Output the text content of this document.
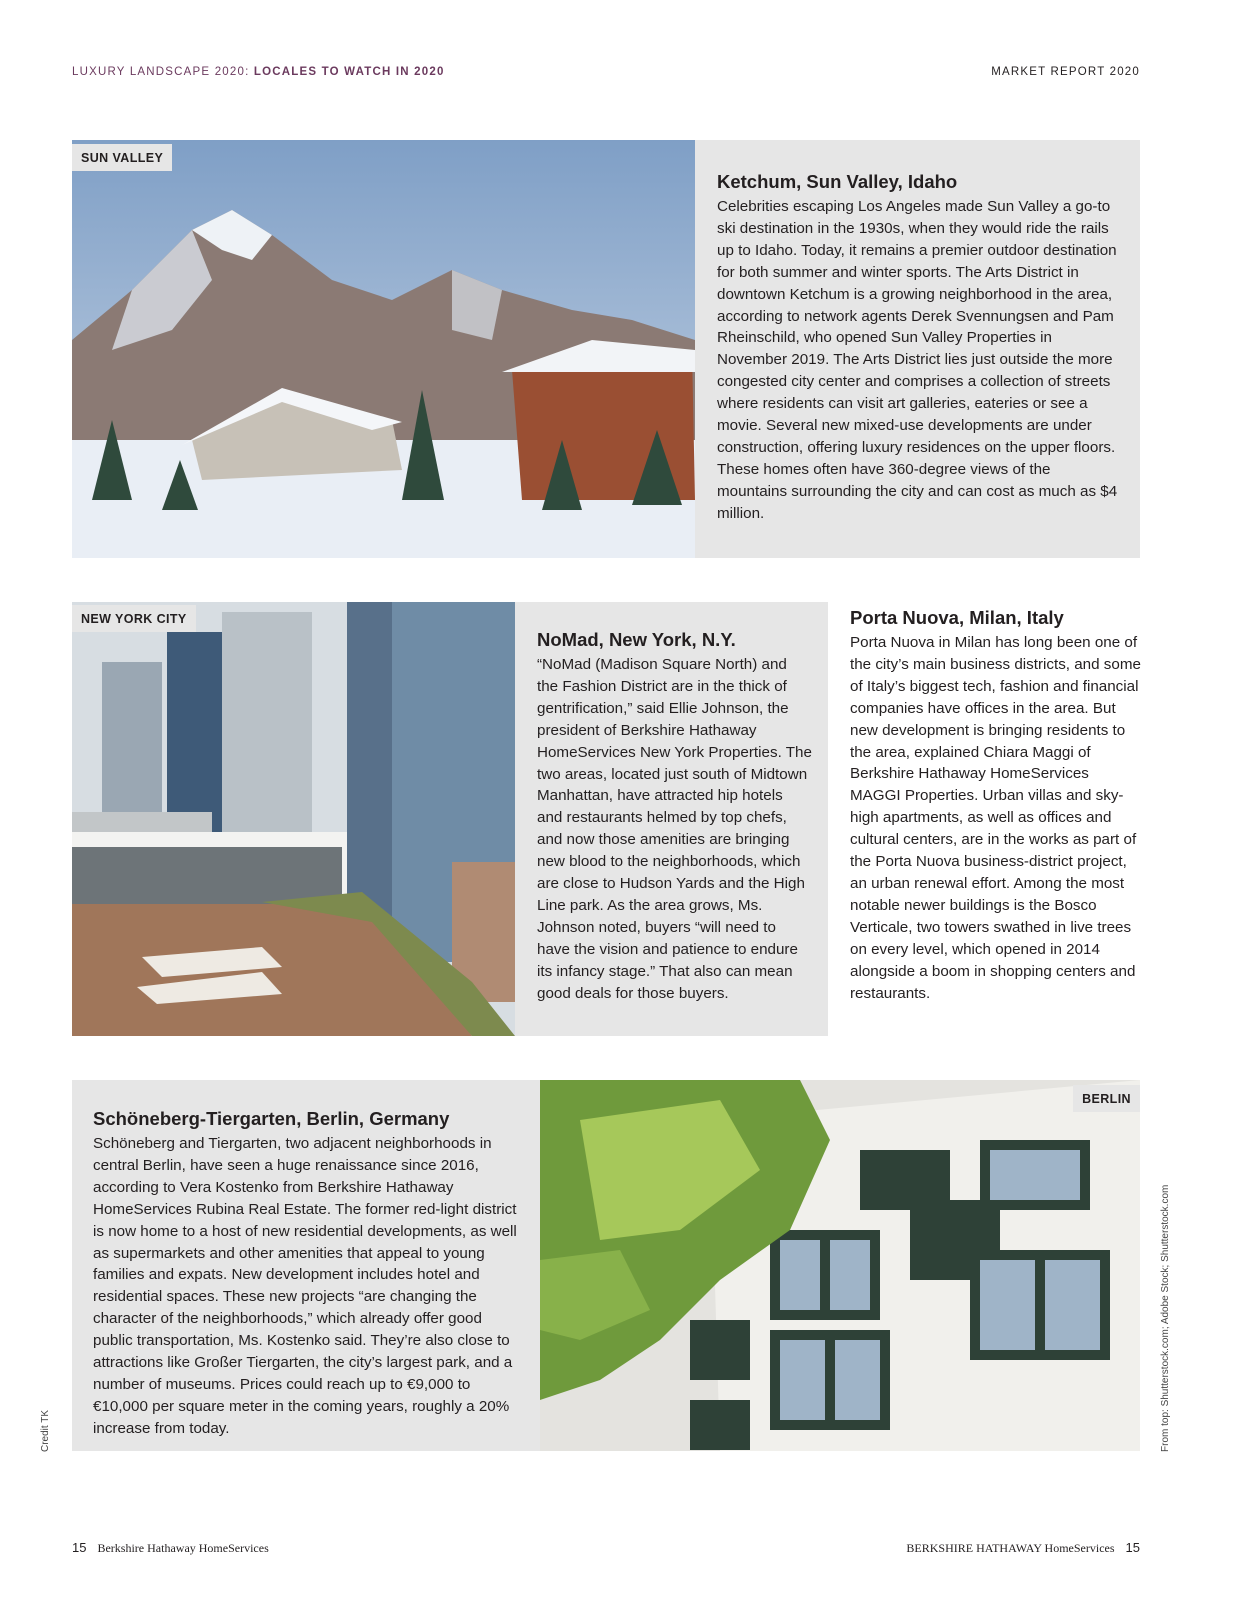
LUXURY LANDSCAPE 2020: LOCALES TO WATCH IN 2020	MARKET REPORT 2020
SUN VALLEY
Ketchum, Sun Valley, Idaho

Celebrities escaping Los Angeles made Sun Valley a go-to ski destination in the 1930s, when they would ride the rails up to Idaho. Today, it remains a premier outdoor destination for both summer and winter sports. The Arts District in downtown Ketchum is a growing neighborhood in the area, according to network agents Derek Svennungsen and Pam Rheinschild, who opened Sun Valley Properties in November 2019. The Arts District lies just outside the more congested city center and comprises a collection of streets where residents can visit art galleries, eateries or see a movie. Several new mixed-use developments are under construction, offering luxury residences on the upper floors. These homes often have 360-degree views of the mountains surrounding the city and can cost as much as $4 million.

NEW YORK CITY
NoMad, New York, N.Y.

“NoMad (Madison Square North) and the Fashion District are in the thick of gentrification,” said Ellie Johnson, the president of Berkshire Hathaway HomeServices New York Properties. The two areas, located just south of Midtown Manhattan, have attracted hip hotels and restaurants helmed by top chefs, and now those amenities are bringing new blood to the neighborhoods, which are close to Hudson Yards and the High Line park. As the area grows, Ms. Johnson noted, buyers “will need to have the vision and patience to endure its infancy stage.” That also can mean good deals for those buyers.

Porta Nuova, Milan, Italy

Porta Nuova in Milan has long been one of the city’s main business districts, and some of Italy’s biggest tech, fashion and financial companies have offices in the area. But new development is bringing residents to the area, explained Chiara Maggi of Berkshire Hathaway HomeServices MAGGI Properties. Urban villas and sky-high apartments, as well as offices and cultural centers, are in the works as part of the Porta Nuova business-district project, an urban renewal effort. Among the most notable newer buildings is the Bosco Verticale, two towers swathed in live trees on every level, which opened in 2014 alongside a boom in shopping centers and restaurants.

BERLIN
Schöneberg-Tiergarten, Berlin, Germany

Schöneberg and Tiergarten, two adjacent neighborhoods in central Berlin, have seen a huge renaissance since 2016, according to Vera Kostenko from Berkshire Hathaway HomeServices Rubina Real Estate. The former red-light district is now home to a host of new residential developments, as well as supermarkets and other amenities that appeal to young families and expats. New development includes hotel and residential spaces. These new projects “are changing the character of the neighborhoods,” which already offer good public transportation, Ms. Kostenko said. They’re also close to attractions like Großer Tiergarten, the city’s largest park, and a number of museums. Prices could reach up to €9,000 to €10,000 per square meter in the coming years, roughly a 20% increase from today.

Credit TK	From top: Shutterstock.com; Adobe Stock; Shutterstock.com
15 Berkshire Hathaway HomeServices	BERKSHIRE HATHAWAY HomeServices 15
